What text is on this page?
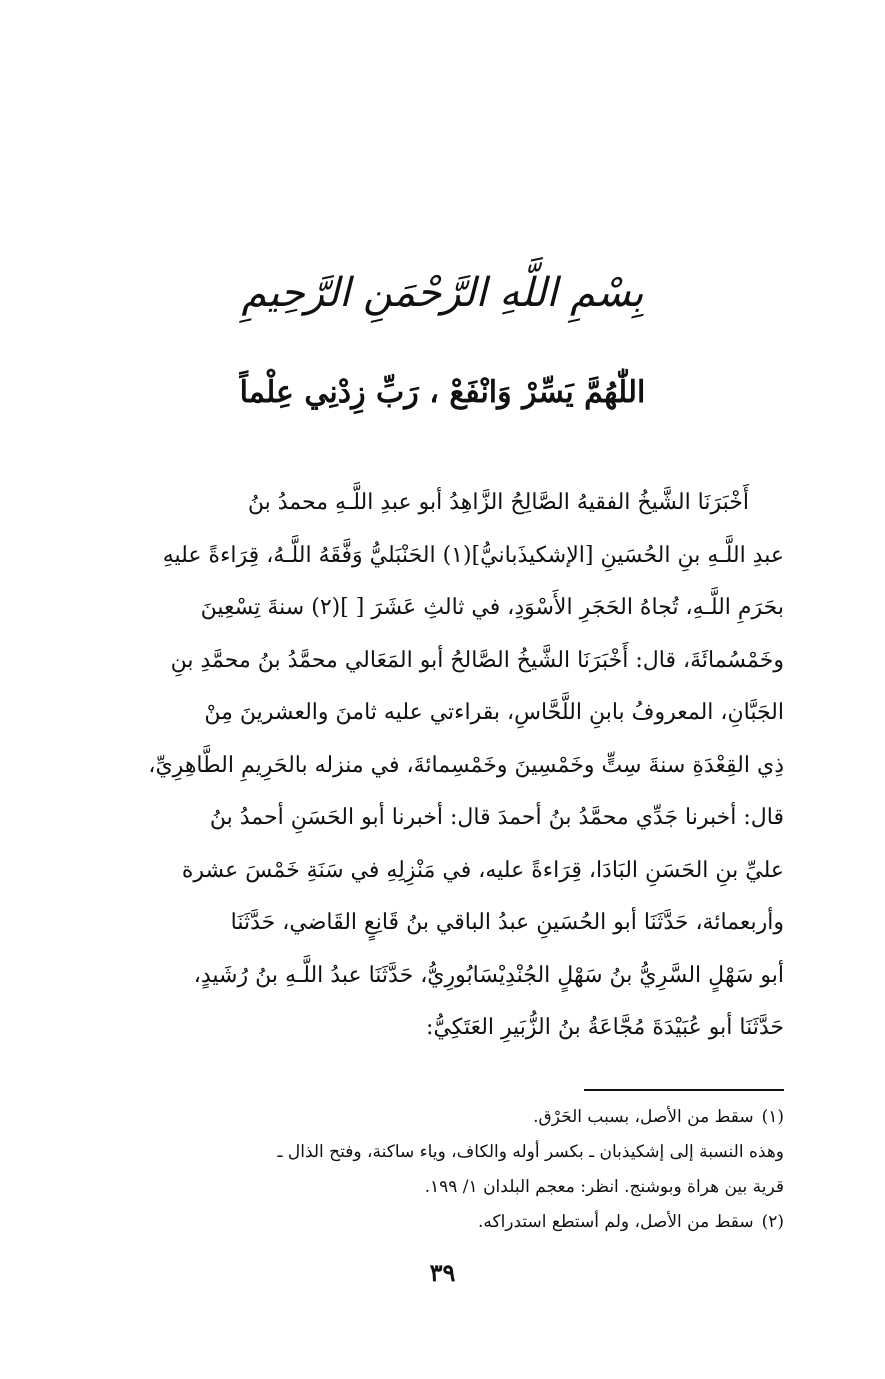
بِسْمِ اللَّهِ الرَّحْمَنِ الرَّحِيمِ
اللّٰهُمَّ يَسِّرْ وَانْفَعْ ، رَبِّ زِدْنِي عِلْماً
أَخْبَرَنَا الشَّيخُ الفقيهُ الصَّالِحُ الزَّاهِدُ أبو عبدِ اللَّـهِ محمدُ بنُ
عبدِ اللَّـهِ بنِ الحُسَينِ [الإشكيذَبانيُّ](١) الحَنْبَليُّ وَفَّقَهُ اللَّـهُ، قِرَاءةً عليهِ
بحَرَمِ اللَّـهِ، تُجاهُ الحَجَرِ الأَسْوَدِ، في ثالثِ عَشَرَ [ ](٢) سنةَ تِسْعِينَ
وخَمْسُمائَةَ، قال: أَخْبَرَنَا الشَّيخُ الصَّالحُ أبو المَعَالي محمَّدُ بنُ محمَّدِ بنِ
الجَبَّانِ، المعروفُ بابنِ اللَّحَّاسِ، بقراءتي عليه ثامنَ والعشرينَ مِنْ
ذِي القِعْدَةِ سنةَ سِتٍّ وخَمْسِينَ وخَمْسِمائةَ، في منزله بالحَرِيمِ الطَّاهِرِيِّ،
قال: أخبرنا جَدِّي محمَّدُ بنُ أحمدَ قال: أخبرنا أبو الحَسَنِ أحمدُ بنُ
عليِّ بنِ الحَسَنِ البَادَا، قِرَاءةً عليه، في مَنْزِلِهِ في سَنَةِ خَمْسَ عشرة
وأربعمائة، حَدَّثَنَا أبو الحُسَينِ عبدُ الباقي بنُ قَانِعٍ القَاضي، حَدَّثَنَا
أبو سَهْلٍ السَّرِيُّ بنُ سَهْلٍ الجُنْدِيْسَابُورِيُّ، حَدَّثَنَا عبدُ اللَّـهِ بنُ رُشَيدٍ،
حَدَّثَنَا أبو عُبَيْدَةَ مُجَّاعَةُ بنُ الزُّبَيرِ العَتَكِيُّ:
(١)سقط من الأصل، بسبب الحَرْق.
وهذه النسبة إلى إشكيذبان ـ بكسر أوله والكاف، وياء ساكنة، وفتح الذال ـ
قرية بين هراة وبوشنج. انظر: معجم البلدان ١/ ١٩٩.
(٢)سقط من الأصل، ولم أستطع استدراكه.
٣٩
